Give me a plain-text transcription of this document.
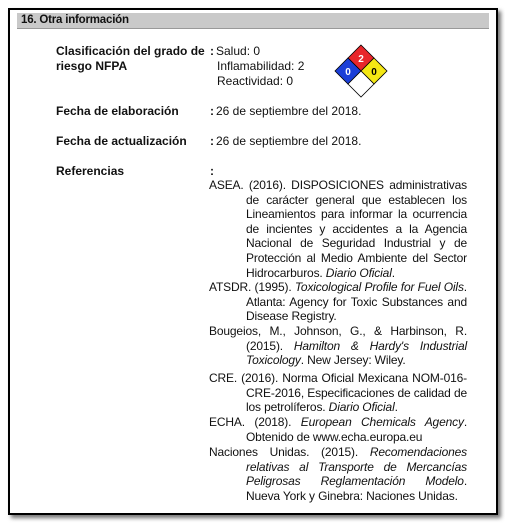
16. Otra información
Clasificación del grado de
riesgo NFPA
: Salud: 0
Inflamabilidad: 2
Reactividad: 0
2
0 0
Fecha de elaboración	: 26 de septiembre del 2018.
Fecha de actualización : 26 de septiembre del 2018.
Referencias	:
ASEA. (2016). DISPOSICIONES administrativas de carácter general que establecen los Lineamientos para informar la ocurrencia de incientes y accidentes a la Agencia Nacional de Seguridad Industrial y de Protección al Medio Ambiente del Sector Hidrocarburos. Diario Oficial.
ATSDR. (1995). Toxicological Profile for Fuel Oils. Atlanta: Agency for Toxic Substances and Disease Registry.
Bougeios, M., Johnson, G., & Harbinson, R. (2015). Hamilton & Hardy's Industrial Toxicology. New Jersey: Wiley.
CRE. (2016). Norma Oficial Mexicana NOM-016-CRE-2016, Especificaciones de calidad de los petrolíferos. Diario Oficial.
ECHA. (2018). European Chemicals Agency. Obtenido de www.echa.europa.eu
Naciones Unidas. (2015). Recomendaciones relativas al Transporte de Mercancías Peligrosas Reglamentación Modelo. Nueva York y Ginebra: Naciones Unidas.
